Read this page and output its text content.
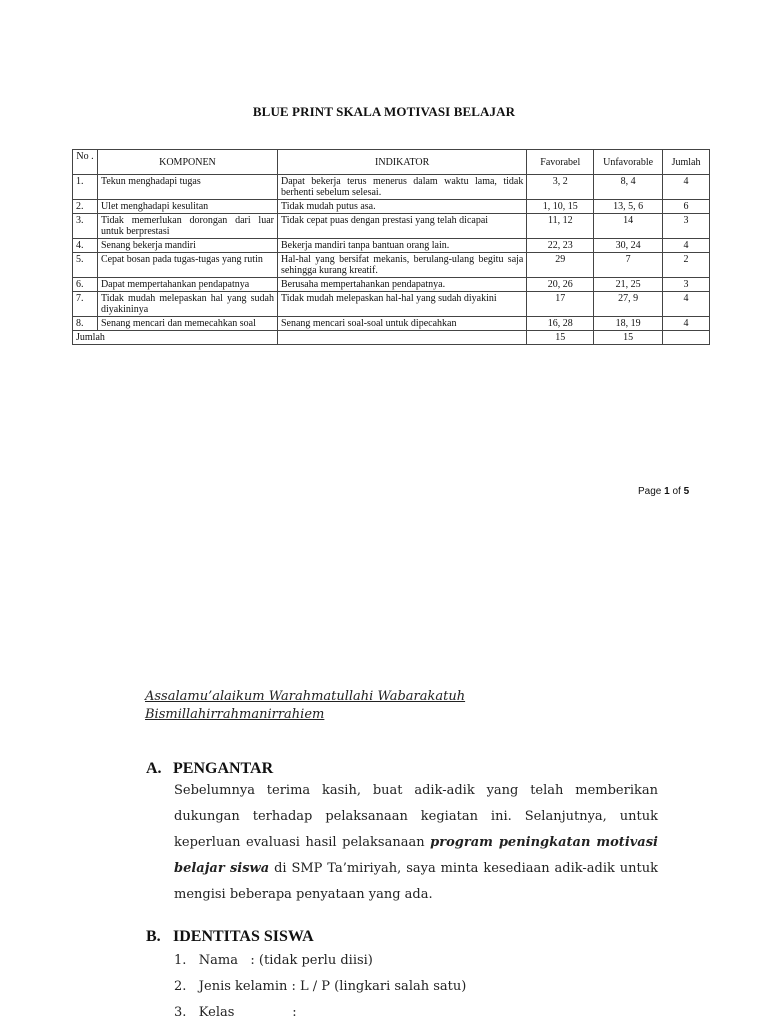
BLUE PRINT SKALA MOTIVASI BELAJAR
No .	KOMPONEN	INDIKATOR	Favorabel	Unfavorable	Jumlah
1.	Tekun menghadapi tugas	Dapat bekerja terus menerus dalam waktu lama, tidak berhenti sebelum selesai.	3, 2	8, 4	4
2.	Ulet menghadapi kesulitan	Tidak mudah putus asa.	1, 10, 15	13, 5, 6	6
3.	Tidak memerlukan dorongan dari luar untuk berprestasi	Tidak cepat puas dengan prestasi yang telah dicapai	11, 12	14	3
4.	Senang bekerja mandiri	Bekerja mandiri tanpa bantuan orang lain.	22, 23	30, 24	4
5.	Cepat bosan pada tugas-tugas yang rutin	Hal-hal yang bersifat mekanis, berulang-ulang begitu saja sehingga kurang kreatif.	29	7	2
6.	Dapat mempertahankan pendapatnya	Berusaha mempertahankan pendapatnya.	20, 26	21, 25	3
7.	Tidak mudah melepaskan hal yang sudah diyakininya	Tidak mudah melepaskan hal-hal yang sudah diyakini	17	27, 9	4
8.	Senang mencari dan memecahkan soal	Senang mencari soal-soal untuk dipecahkan	16, 28	18, 19	4
Jumlah			15	15	
Page 1 of 5
Assalamu’alaikum Warahmatullahi Wabarakatuh
Bismillahirrahmanirrahiem
A. PENGANTAR
Sebelumnya terima kasih, buat adik-adik yang telah memberikan dukungan terhadap pelaksanaan kegiatan ini. Selanjutnya, untuk keperluan evaluasi hasil pelaksanaan program peningkatan motivasi belajar siswa di SMP Ta’miriyah, saya minta kesediaan adik-adik untuk mengisi beberapa penyataan yang ada.
B. IDENTITAS SISWA
1.   Nama   : (tidak perlu diisi)
2.   Jenis kelamin : L / P (lingkari salah satu)
3.   Kelas              :
